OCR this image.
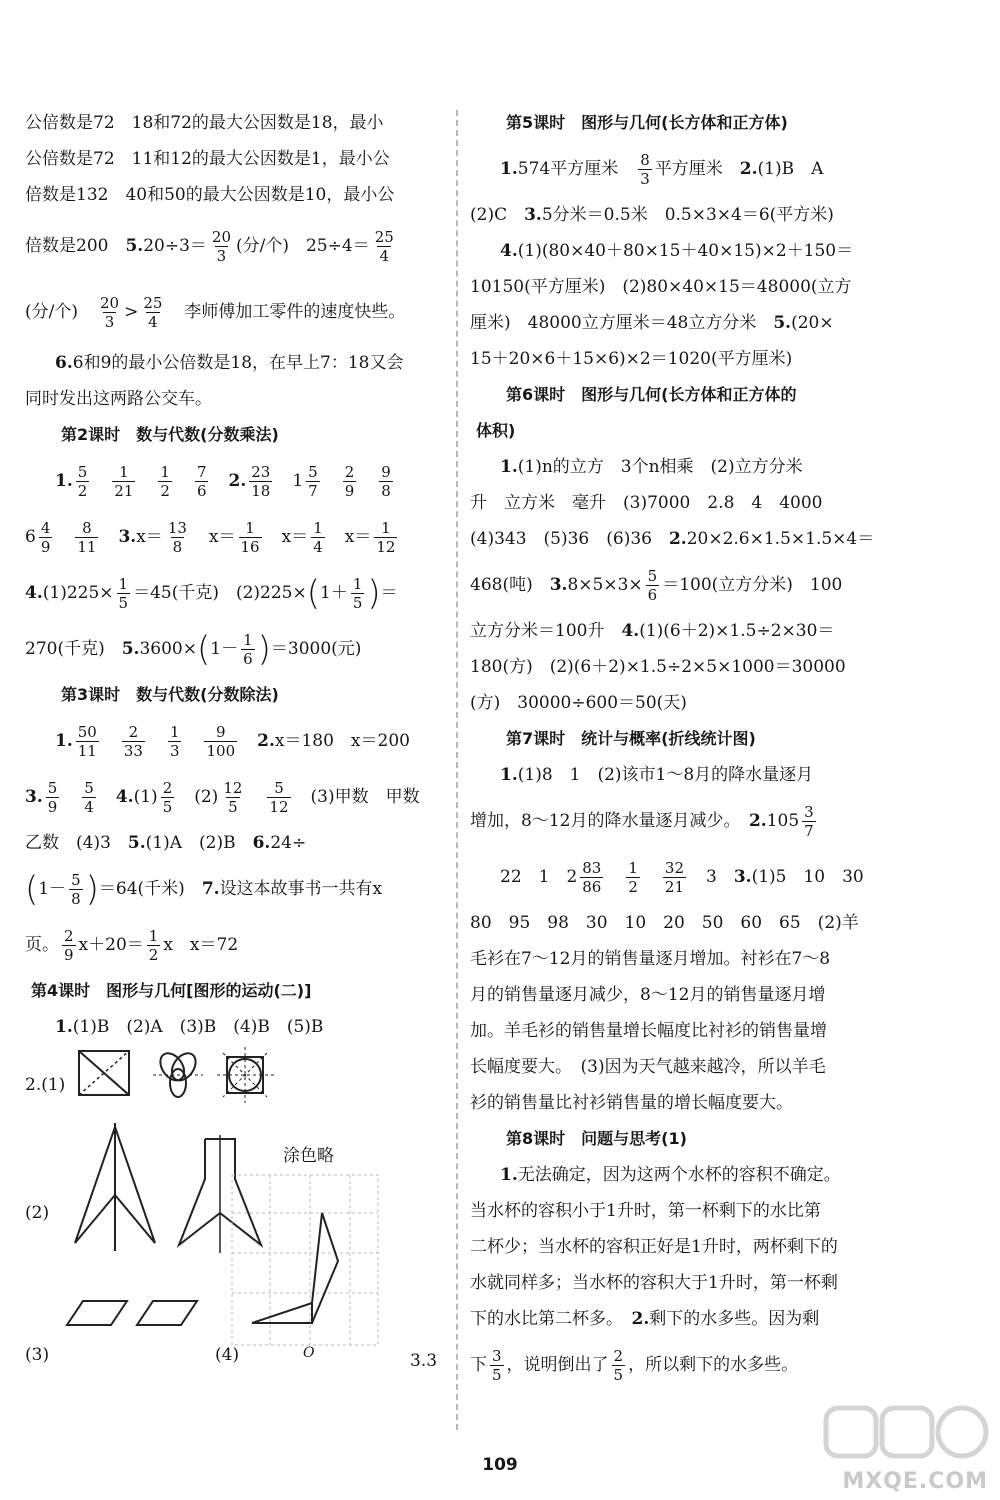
公倍数是72　18和72的最大公因数是18，最小
公倍数是72　11和12的最大公因数是1，最小公
倍数是132　40和50的最大公因数是10，最小公
倍数是200　$5.20\div 3= \frac{20}{3}$ (分/个)　$25\div 4= \frac{25}{4}$
(分/个)　 $\frac{20}{3} > \frac{25}{4}$ 　李师傅加工零件的速度快些。
6.6和9的最小公倍数是18，在早上7：18又会
同时发出这两路公交车。
第2课时　数与代数(分数乘法)
1. $\frac{5}{2}$
　 $\frac{1}{21}$
　 $\frac{1}{2}$
　 $\frac{7}{6}$
　 2. $\frac{23}{18}$
　 $1 \frac{5}{7}$
　 $\frac{2}{9}$
　 $\frac{9}{8}$

$6 \frac{4}{9}$
　 $\frac{8}{11}$
　 $3.x= \frac{13}{8}$
　 $x= \frac{1}{16}$
　 $x= \frac{1}{4}$
　 $x= \frac{1}{12}$

$4.(1)225\times \frac{1}{5} =45$(千克)　$(2)225\times(1+ \frac{1}{5}$ )＝
270(千克)　$5.3600\times(1- \frac{1}{6} )=3000$(元)
第3课时　数与代数(分数除法)
1. $\frac{50}{11}$
　 $\frac{2}{33}$
　 $\frac{1}{3}$
　 $\frac{9}{100}$
　 2.x＝180　x＝200
3. $\frac{5}{9}$
　 $\frac{5}{4}$
　 $4.(1) \frac{2}{5}$
　 $(2) \frac{12}{5}$
　 $\frac{5}{12}$
　 (3)甲数　甲数
乙数　(4)3　5.(1)A　(2)B　6.24÷
$(1- \frac{5}{8} )=64$(千米)　7.设这本故事书一共有x
页。 $\frac{2}{9} x+20= \frac{1}{2}$ x　x＝72
第4课时　图形与几何[图形的运动(二)]
1.(1)B　(2)A　(3)B　(4)B　(5)B
2.(1)
(2)
涂色略
(3)	(4)	O	3.3
第5课时　图形与几何(长方体和正方体)
1.574平方厘米　 $\frac{8}{3}$ 平方厘米　2.(1)B　A
(2)C　3.5分米＝0.5米　0.5×3×4＝6(平方米)
4.(1)(80×40＋80×15＋40×15)×2＋150＝
10150(平方厘米)　(2)80×40×15＝48000(立方
厘米)　48000立方厘米＝48立方分米　5.(20×
15＋20×6＋15×6)×2＝1020(平方厘米)
第6课时　图形与几何(长方体和正方体的
体积)
1.(1)n的立方　3个n相乘　(2)立方分米
升　立方米　毫升　(3)7000　2.8　4　4000
(4)343　(5)36　(6)36　2.20×2.6×1.5×1.5×4＝
468(吨)　$3.8\times 5\times 3\times \frac{5}{6} =100$(立方分米)　100
立方分米＝100升　4.(1)(6＋2)×1.5÷2×30＝
180(方)　(2)(6＋2)×1.5÷2×5×1000＝30000
(方)　30000÷600＝50(天)
第7课时　统计与概率(折线统计图)
1.(1)8　1　(2)该市1～8月的降水量逐月
增加，8～12月的降水量逐月减少。　$2.105 \frac{3}{7}$
22　1　$2 \frac{83}{86}$
　 $\frac{1}{2}$
　 $\frac{32}{21}$
　 3　3.(1)5　10　30
80　95　98　30　10　20　50　60　65　(2)羊
毛衫在7～12月的销售量逐月增加。衬衫在7～8
月的销售量逐月减少，8～12月的销售量逐月增
加。羊毛衫的销售量增长幅度比衬衫的销售量增
长幅度要大。　(3)因为天气越来越冷，所以羊毛
衫的销售量比衬衫销售量的增长幅度要大。
第8课时　问题与思考(1)
1.无法确定，因为这两个水杯的容积不确定。
当水杯的容积小于1升时，第一杯剩下的水比第
二杯少；当水杯的容积正好是1升时，两杯剩下的
水就同样多；当水杯的容积大于1升时，第一杯剩
下的水比第二杯多。　2.剩下的水多些。因为剩
下 $\frac{3}{5}$ ，说明倒出了 $\frac{2}{5}$ ，所以剩下的水多些。
109
MXQE.COM
